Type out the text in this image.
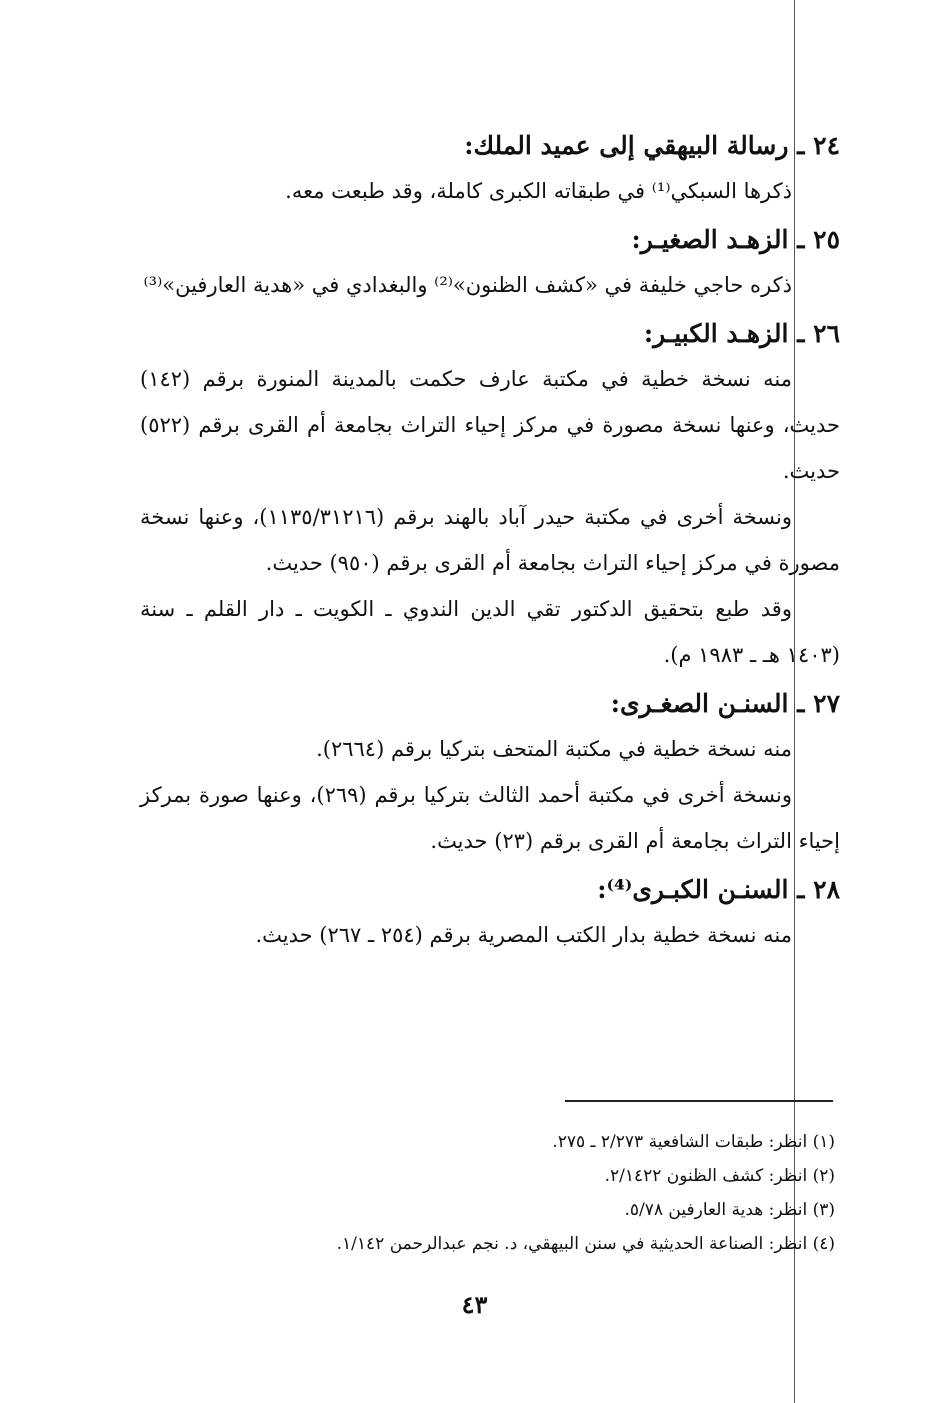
٢٤ ـ رسالة البيهقي إلى عميد الملك:

ذكرها السبكي⁽¹⁾ في طبقاته الكبرى كاملة، وقد طبعت معه.

٢٥ ـ الزهـد الصغيـر:

ذكره حاجي خليفة في «كشف الظنون»⁽²⁾ والبغدادي في «هدية العارفين»⁽³⁾

٢٦ ـ الزهـد الكبيـر:

منه نسخة خطية في مكتبة عارف حكمت بالمدينة المنورة برقم (١٤٢) حديث، وعنها نسخة مصورة في مركز إحياء التراث بجامعة أم القرى برقم (٥٢٢) حديث.

ونسخة أخرى في مكتبة حيدر آباد بالهند برقم (١١٣٥/٣١٢١٦)، وعنها نسخة مصورة في مركز إحياء التراث بجامعة أم القرى برقم (٩٥٠) حديث.

وقد طبع بتحقيق الدكتور تقي الدين الندوي ـ الكويت ـ دار القلم ـ سنة (١٤٠٣ هـ ـ ١٩٨٣ م).

٢٧ ـ السنـن الصغـرى:

منه نسخة خطية في مكتبة المتحف بتركيا برقم (٢٦٦٤).

ونسخة أخرى في مكتبة أحمد الثالث بتركيا برقم (٢٦٩)، وعنها صورة بمركز إحياء التراث بجامعة أم القرى برقم (٢٣) حديث.

٢٨ ـ السنـن الكبـرى⁽⁴⁾:

منه نسخة خطية بدار الكتب المصرية برقم (٢٥٤ ـ ٢٦٧) حديث.

(١) انظر: طبقات الشافعية ٢/٢٧٣ ـ ٢٧٥.
(٢) انظر: كشف الظنون ٢/١٤٢٢.
(٣) انظر: هدية العارفين ٥/٧٨.
(٤) انظر: الصناعة الحديثية في سنن البيهقي، د. نجم عبدالرحمن ١/١٤٢.
٤٣
